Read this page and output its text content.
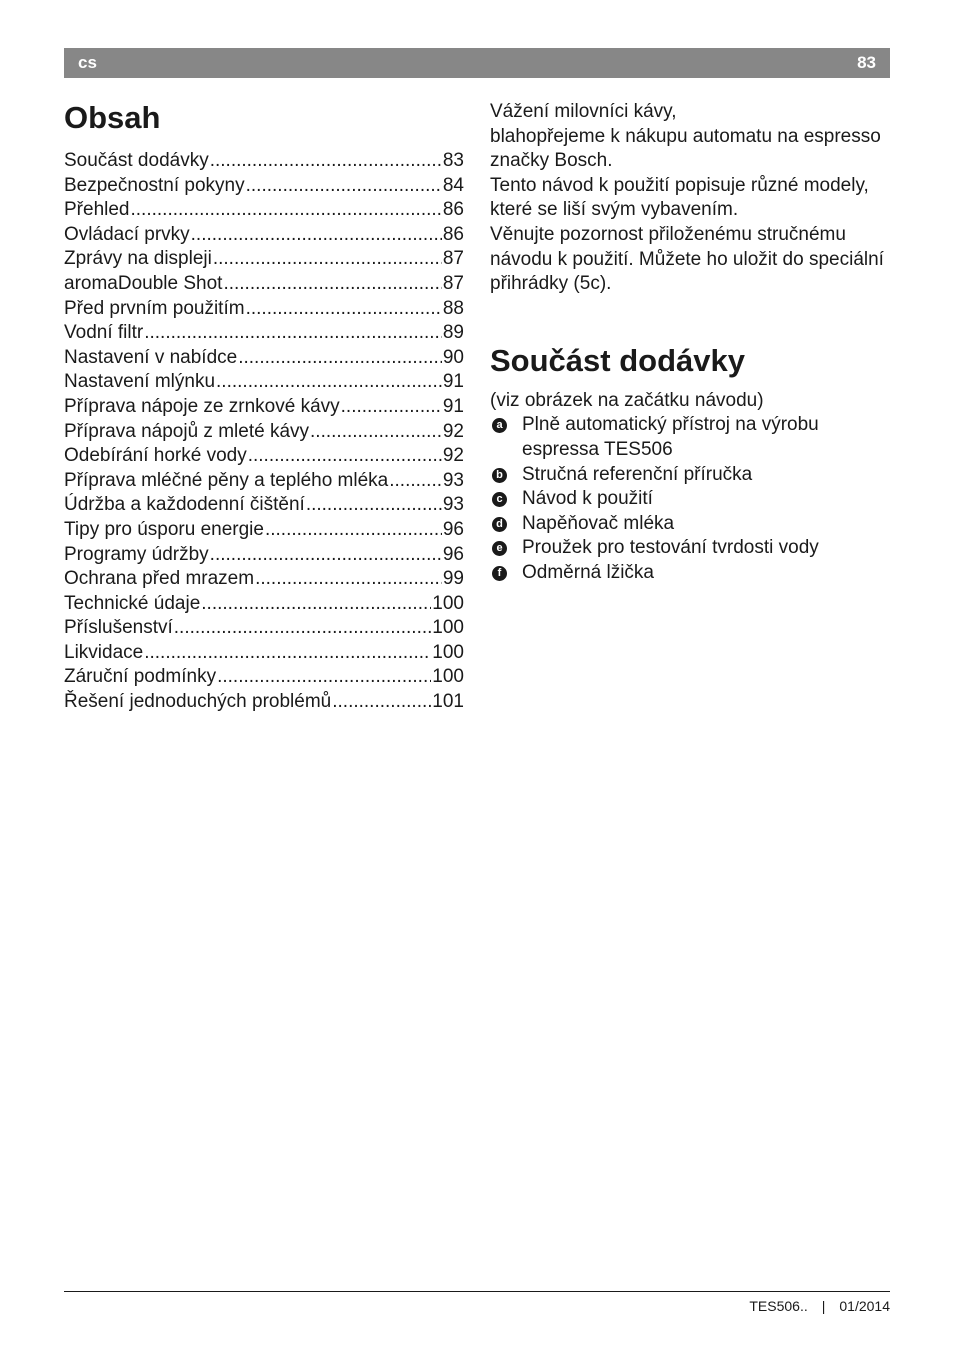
cs	83
Obsah
Součást dodávky .....	83
Bezpečnostní pokyny .....	84
Přehled .....	86
Ovládací prvky .....	86
Zprávy na displeji .....	87
aromaDouble Shot .....	87
Před prvním použitím .....	88
Vodní filtr .....	89
Nastavení v nabídce .....	90
Nastavení mlýnku .....	91
Příprava nápoje ze zrnkové kávy .....	91
Příprava nápojů z mleté kávy .....	92
Odebírání horké vody .....	92
Příprava mléčné pěny a teplého mléka .....	93
Údržba a každodenní čištění .....	93
Tipy pro úsporu energie .....	96
Programy údržby .....	96
Ochrana před mrazem .....	99
Technické údaje .....	100
Příslušenství .....	100
Likvidace .....	100
Záruční podmínky .....	100
Řešení jednoduchých problémů .....	101

Vážení milovníci kávy,

blahopřejeme k nákupu automatu na espresso značky Bosch.

Tento návod k použití popisuje různé modely, které se liší svým vybavením.

Věnujte pozornost přiloženému stručnému návodu k použití. Můžete ho uložit do speciální přihrádky (5c).

Součást dodávky

(viz obrázek na začátku návodu)

a Plně automatický přístroj na výrobu espressa TES506
b Stručná referenční příručka
c Návod k použití
d Napěňovač mléka
e Proužek pro testování tvrdosti vody
f Odměrná lžička
TES506.. | 01/2014
